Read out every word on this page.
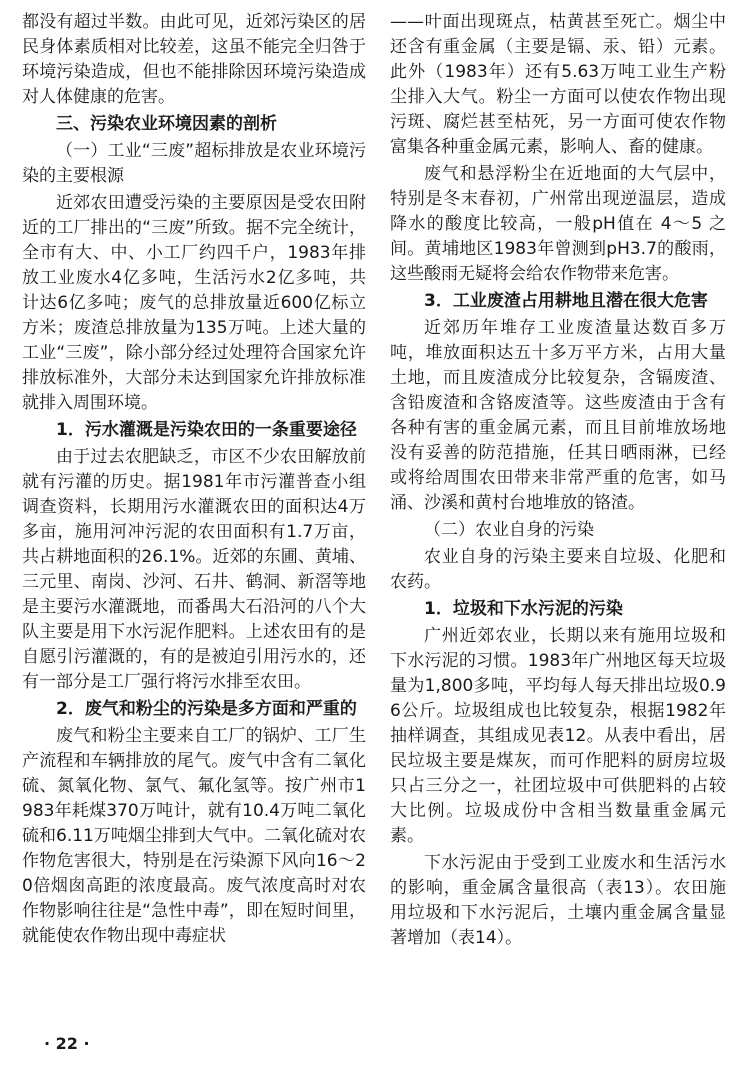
都没有超过半数。由此可见，近郊污染区的居民身体素质相对比较差，这虽不能完全归咎于环境污染造成，但也不能排除因环境污染造成对人体健康的危害。

三、污染农业环境因素的剖析

（一）工业“三废”超标排放是农业环境污染的主要根源

近郊农田遭受污染的主要原因是受农田附近的工厂排出的“三废”所致。据不完全统计，全市有大、中、小工厂约四千户，1983年排放工业废水4亿多吨，生活污水2亿多吨，共计达6亿多吨；废气的总排放量近600亿标立方米；废渣总排放量为135万吨。上述大量的工业“三废”，除小部分经过处理符合国家允许排放标准外，大部分未达到国家允许排放标准就排入周围环境。

1．污水灌溉是污染农田的一条重要途径

由于过去农肥缺乏，市区不少农田解放前就有污灌的历史。据1981年市污灌普查小组调查资料，长期用污水灌溉农田的面积达4万多亩，施用河冲污泥的农田面积有1.7万亩，共占耕地面积的26.1%。近郊的东圃、黄埔、三元里、南岗、沙河、石井、鹤洞、新滘等地是主要污水灌溉地，而番禺大石沿河的八个大队主要是用下水污泥作肥料。上述农田有的是自愿引污灌溉的，有的是被迫引用污水的，还有一部分是工厂强行将污水排至农田。

2．废气和粉尘的污染是多方面和严重的

废气和粉尘主要来自工厂的锅炉、工厂生产流程和车辆排放的尾气。废气中含有二氧化硫、氮氧化物、氯气、氟化氢等。按广州市1983年耗煤370万吨计，就有10.4万吨二氧化硫和6.11万吨烟尘排到大气中。二氧化硫对农作物危害很大，特别是在污染源下风向16～20倍烟囱高距的浓度最高。废气浓度高时对农作物影响往往是“急性中毒”，即在短时间里，就能使农作物出现中毒症状

——叶面出现斑点，枯黄甚至死亡。烟尘中还含有重金属（主要是镉、汞、铅）元素。此外（1983年）还有5.63万吨工业生产粉尘排入大气。粉尘一方面可以使农作物出现污斑、腐烂甚至枯死，另一方面可使农作物富集各种重金属元素，影响人、畜的健康。

废气和悬浮粉尘在近地面的大气层中，特别是冬末春初，广州常出现逆温层，造成降水的酸度比较高，一般pH值在 4～5 之间。黄埔地区1983年曾测到pH3.7的酸雨，这些酸雨无疑将会给农作物带来危害。

3．工业废渣占用耕地且潜在很大危害

近郊历年堆存工业废渣量达数百多万吨，堆放面积达五十多万平方米，占用大量土地，而且废渣成分比较复杂，含镉废渣、含铅废渣和含铬废渣等。这些废渣由于含有各种有害的重金属元素，而且目前堆放场地没有妥善的防范措施，任其日晒雨淋，已经或将给周围农田带来非常严重的危害，如马涌、沙溪和黄村台地堆放的铬渣。

（二）农业自身的污染

农业自身的污染主要来自垃圾、化肥和农药。

1．垃圾和下水污泥的污染

广州近郊农业，长期以来有施用垃圾和下水污泥的习惯。1983年广州地区每天垃圾量为1,800多吨，平均每人每天排出垃圾0.96公斤。垃圾组成也比较复杂，根据1982年抽样调查，其组成见表12。从表中看出，居民垃圾主要是煤灰，而可作肥料的厨房垃圾只占三分之一，社团垃圾中可供肥料的占较大比例。垃圾成份中含相当数量重金属元素。

下水污泥由于受到工业废水和生活污水的影响，重金属含量很高（表13）。农田施用垃圾和下水污泥后，土壤内重金属含量显著增加（表14）。

· 22 ·
